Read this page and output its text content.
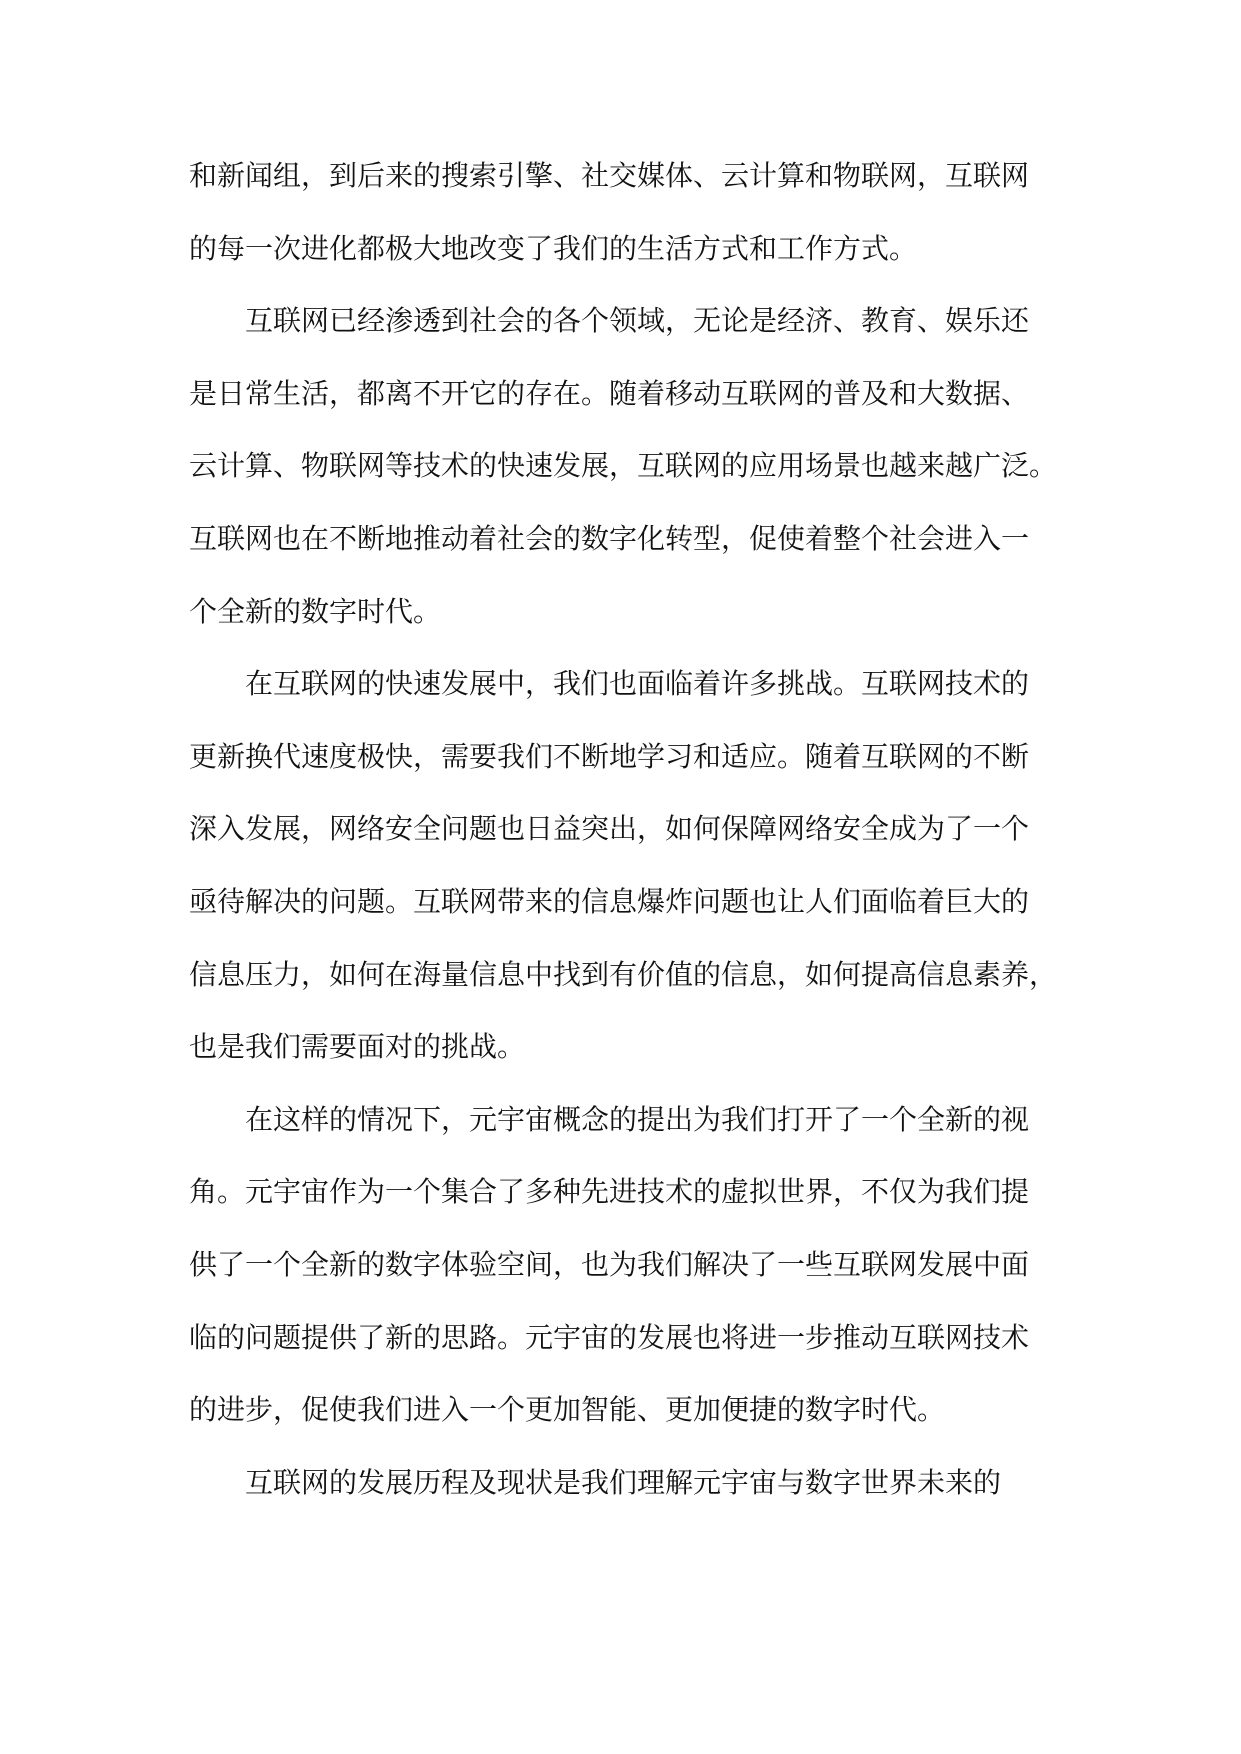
和新闻组，到后来的搜索引擎、社交媒体、云计算和物联网，互联网
的每一次进化都极大地改变了我们的生活方式和工作方式。
互联网已经渗透到社会的各个领域，无论是经济、教育、娱乐还
是日常生活，都离不开它的存在。随着移动互联网的普及和大数据、
云计算、物联网等技术的快速发展，互联网的应用场景也越来越广泛。
互联网也在不断地推动着社会的数字化转型，促使着整个社会进入一
个全新的数字时代。
在互联网的快速发展中，我们也面临着许多挑战。互联网技术的
更新换代速度极快，需要我们不断地学习和适应。随着互联网的不断
深入发展，网络安全问题也日益突出，如何保障网络安全成为了一个
亟待解决的问题。互联网带来的信息爆炸问题也让人们面临着巨大的
信息压力，如何在海量信息中找到有价值的信息，如何提高信息素养，
也是我们需要面对的挑战。
在这样的情况下，元宇宙概念的提出为我们打开了一个全新的视
角。元宇宙作为一个集合了多种先进技术的虚拟世界，不仅为我们提
供了一个全新的数字体验空间，也为我们解决了一些互联网发展中面
临的问题提供了新的思路。元宇宙的发展也将进一步推动互联网技术
的进步，促使我们进入一个更加智能、更加便捷的数字时代。
互联网的发展历程及现状是我们理解元宇宙与数字世界未来的
